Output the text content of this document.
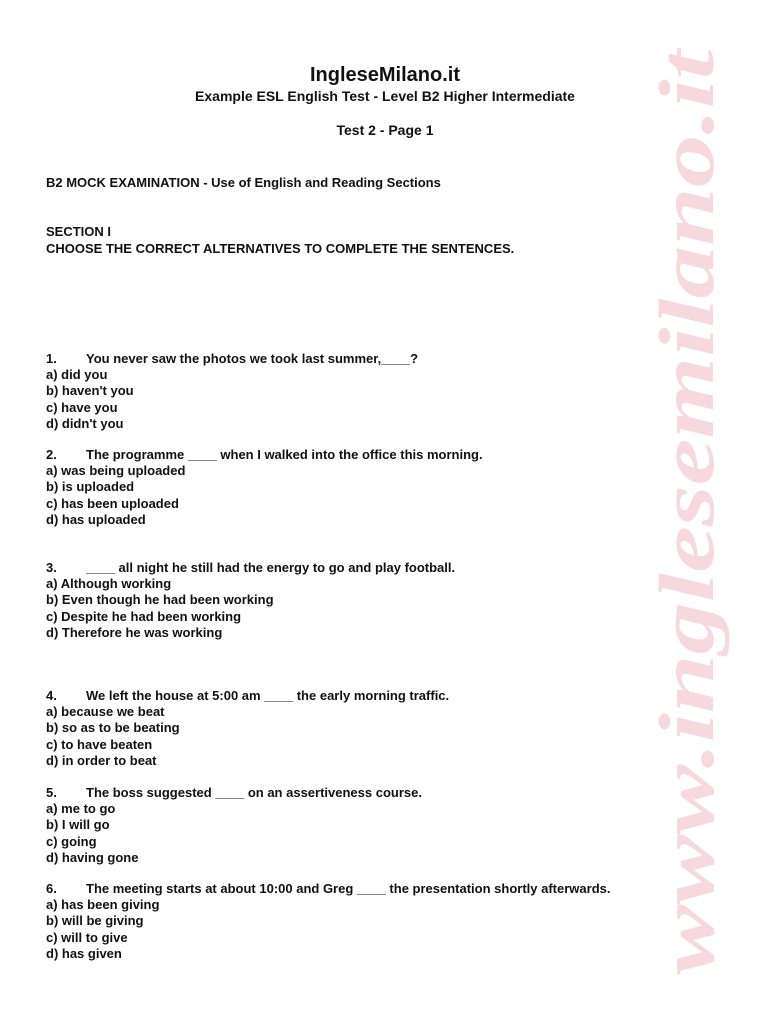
www.inglesemilano.it
IngleseMilano.it
Example ESL English Test - Level B2 Higher Intermediate
Test 2 - Page 1
B2 MOCK EXAMINATION - Use of English and Reading Sections
SECTION I
CHOOSE THE CORRECT ALTERNATIVES TO COMPLETE THE SENTENCES.
1. You never saw the photos we took last summer,____?
a) did you
b) haven't you
c) have you
d) didn't you
2. The programme ____ when I walked into the office this morning.
a) was being uploaded
b) is uploaded
c) has been uploaded
d) has uploaded
3. ____ all night he still had the energy to go and play football.
a) Although working
b) Even though he had been working
c) Despite he had been working
d) Therefore he was working
4. We left the house at 5:00 am ____ the early morning traffic.
a) because we beat
b) so as to be beating
c) to have beaten
d) in order to beat
5. The boss suggested ____ on an assertiveness course.
a) me to go
b) I will go
c) going
d) having gone
6. The meeting starts at about 10:00 and Greg ____ the presentation shortly afterwards.
a) has been giving
b) will be giving
c) will to give
d) has given
